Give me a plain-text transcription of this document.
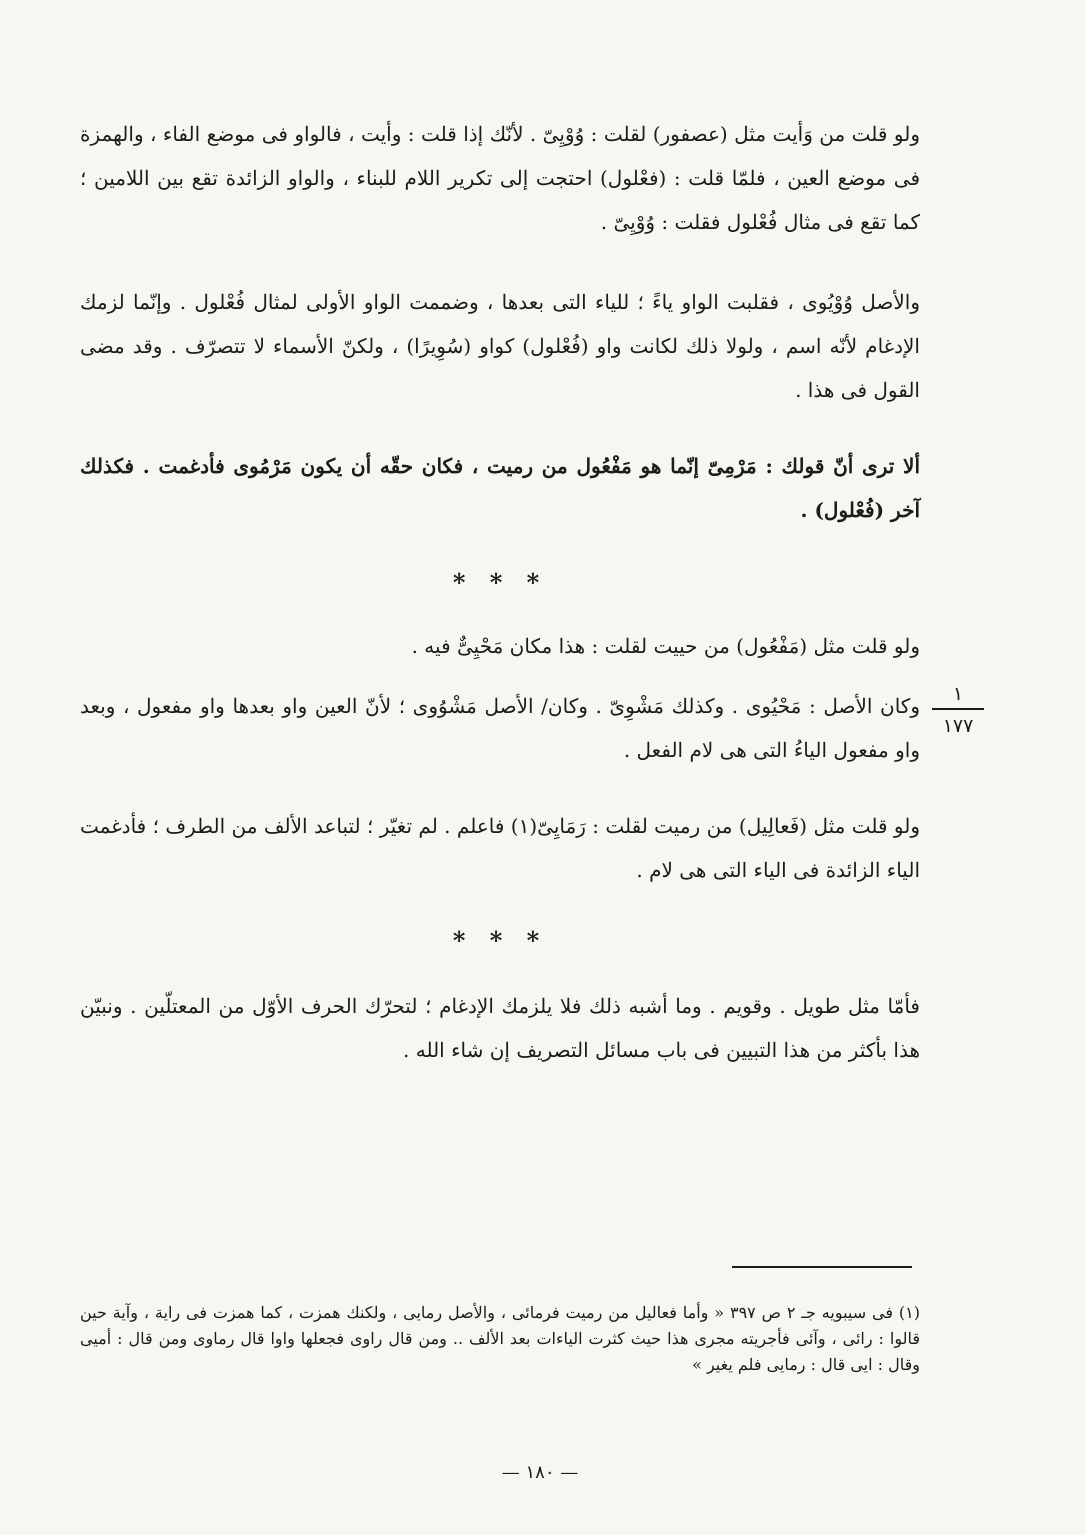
ولو قلت من وَأيت مثل (عصفور) لقلت : وُوْيِىّ . لأنّك إذا قلت : وأيت ، فالواو فى موضع الفاء ، والهمزة فى موضع العين ، فلمّا قلت : (فعْلول) احتجت إلى تكرير اللام للبناء ، والواو الزائدة تقع بين اللامين ؛ كما تقع فى مثال فُعْلول فقلت : وُوْيِىّ .

والأصل وُوْيُوى ، فقلبت الواو ياءً ؛ للياء التى بعدها ، وضممت الواو الأولى لمثال فُعْلول . وإنّما لزمك الإدغام لأنّه اسم ، ولولا ذلك لكانت واو (فُعْلول) كواو (سُوِيرًا) ، ولكنّ الأسماء لا تتصرّف . وقد مضى القول فى هذا .

ألا ترى أنّ قولك : مَرْمِىّ إنّما هو مَفْعُول من رميت ، فكان حقّه أن يكون مَرْمُوى فأدغمت . فكذلك آخر (فُعْلول) .

* * *

ولو قلت مثل (مَفْعُول) من حييت لقلت : هذا مكان مَحْيِىٌّ فيه .

١
١٧٧

وكان الأصل : مَحْيُوى . وكذلك مَشْوِىّ . وكان/ الأصل مَشْوُوى ؛ لأنّ العين واو بعدها واو مفعول ، وبعد واو مفعول الياءُ التى هى لام الفعل .

ولو قلت مثل (فَعالِيل) من رميت لقلت : رَمَايِىّ(١) فاعلم . لم تغيّر ؛ لتباعد الألف من الطرف ؛ فأدغمت الياء الزائدة فى الياء التى هى لام .

* * *

فأمّا مثل طويل . وقويم . وما أشبه ذلك فلا يلزمك الإدغام ؛ لتحرّك الحرف الأوّل من المعتلّين . ونبيّن هذا بأكثر من هذا التبيين فى باب مسائل التصريف إن شاء الله .

(١) فى سيبويه جـ ٢ ص ٣٩٧ « وأما فعاليل من رميت فرمائى ، والأصل رمايى ، ولكنك همزت ، كما همزت فى راية ، وآية حين قالوا : رائى ، وآئى فأجريته مجرى هذا حيث كثرت الياءات بعد الألف .. ومن قال راوى فجعلها واوا قال رماوى ومن قال : أميى وقال : ايى قال : رمايى فلم يغير »

— ١٨٠ —
